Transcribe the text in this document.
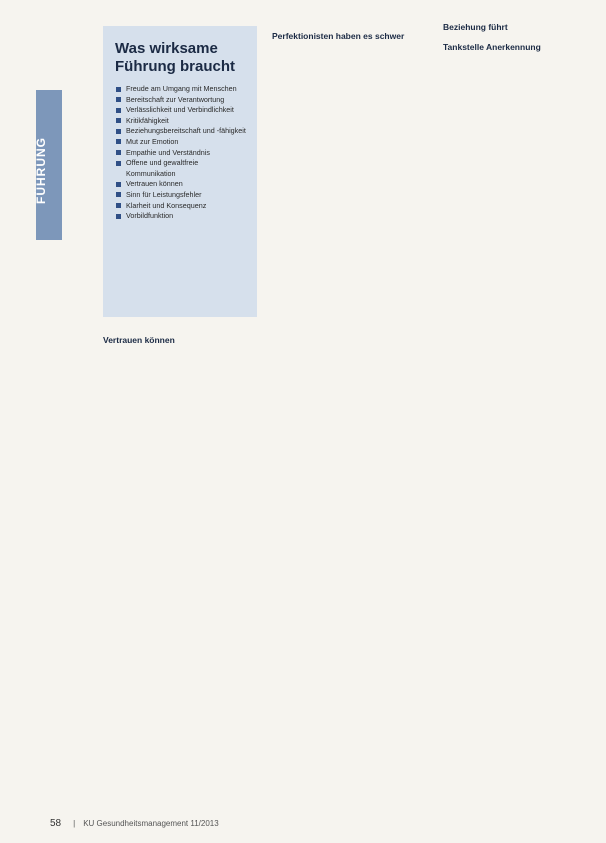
FÜHRUNG
Was wirksame Führung braucht
Freude am Umgang mit Menschen
Bereitschaft zur Verantwortung
Verlässlichkeit und Verbindlichkeit
Kritikfähigkeit
Beziehungsbereitschaft und -fähigkeit
Mut zur Emotion
Empathie und Verständnis
Offene und gewaltfreie Kommunikation
Vertrauen können
Sinn für Leistungsfehler
Klarheit und Konsequenz
Vorbildfunktion

Vertrauen können

Perfektionisten haben es schwer

Beziehung führt

Tankstelle Anerkennung

58 | KU Gesundheitsmanagement 11/2013
